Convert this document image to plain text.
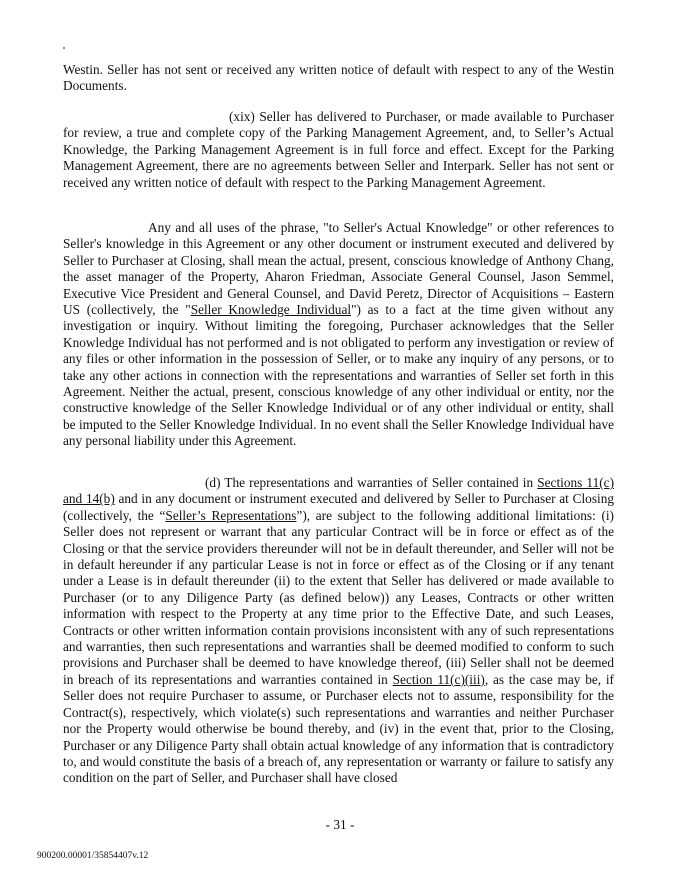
Westin. Seller has not sent or received any written notice of default with respect to any of the Westin Documents.

(xix) Seller has delivered to Purchaser, or made available to Purchaser for review, a true and complete copy of the Parking Management Agreement, and, to Seller’s Actual Knowledge, the Parking Management Agreement is in full force and effect. Except for the Parking Management Agreement, there are no agreements between Seller and Interpark. Seller has not sent or received any written notice of default with respect to the Parking Management Agreement.

Any and all uses of the phrase, "to Seller's Actual Knowledge" or other references to Seller's knowledge in this Agreement or any other document or instrument executed and delivered by Seller to Purchaser at Closing, shall mean the actual, present, conscious knowledge of Anthony Chang, the asset manager of the Property, Aharon Friedman, Associate General Counsel, Jason Semmel, Executive Vice President and General Counsel, and David Peretz, Director of Acquisitions – Eastern US (collectively, the "Seller Knowledge Individual") as to a fact at the time given without any investigation or inquiry. Without limiting the foregoing, Purchaser acknowledges that the Seller Knowledge Individual has not performed and is not obligated to perform any investigation or review of any files or other information in the possession of Seller, or to make any inquiry of any persons, or to take any other actions in connection with the representations and warranties of Seller set forth in this Agreement. Neither the actual, present, conscious knowledge of any other individual or entity, nor the constructive knowledge of the Seller Knowledge Individual or of any other individual or entity, shall be imputed to the Seller Knowledge Individual. In no event shall the Seller Knowledge Individual have any personal liability under this Agreement.

(d) The representations and warranties of Seller contained in Sections 11(c) and 14(b) and in any document or instrument executed and delivered by Seller to Purchaser at Closing (collectively, the “Seller’s Representations”), are subject to the following additional limitations: (i) Seller does not represent or warrant that any particular Contract will be in force or effect as of the Closing or that the service providers thereunder will not be in default thereunder, and Seller will not be in default hereunder if any particular Lease is not in force or effect as of the Closing or if any tenant under a Lease is in default thereunder (ii) to the extent that Seller has delivered or made available to Purchaser (or to any Diligence Party (as defined below)) any Leases, Contracts or other written information with respect to the Property at any time prior to the Effective Date, and such Leases, Contracts or other written information contain provisions inconsistent with any of such representations and warranties, then such representations and warranties shall be deemed modified to conform to such provisions and Purchaser shall be deemed to have knowledge thereof, (iii) Seller shall not be deemed in breach of its representations and warranties contained in Section 11(c)(iii), as the case may be, if Seller does not require Purchaser to assume, or Purchaser elects not to assume, responsibility for the Contract(s), respectively, which violate(s) such representations and warranties and neither Purchaser nor the Property would otherwise be bound thereby, and (iv) in the event that, prior to the Closing, Purchaser or any Diligence Party shall obtain actual knowledge of any information that is contradictory to, and would constitute the basis of a breach of, any representation or warranty or failure to satisfy any condition on the part of Seller, and Purchaser shall have closed

- 31 -
900200.00001/35854407v.12
